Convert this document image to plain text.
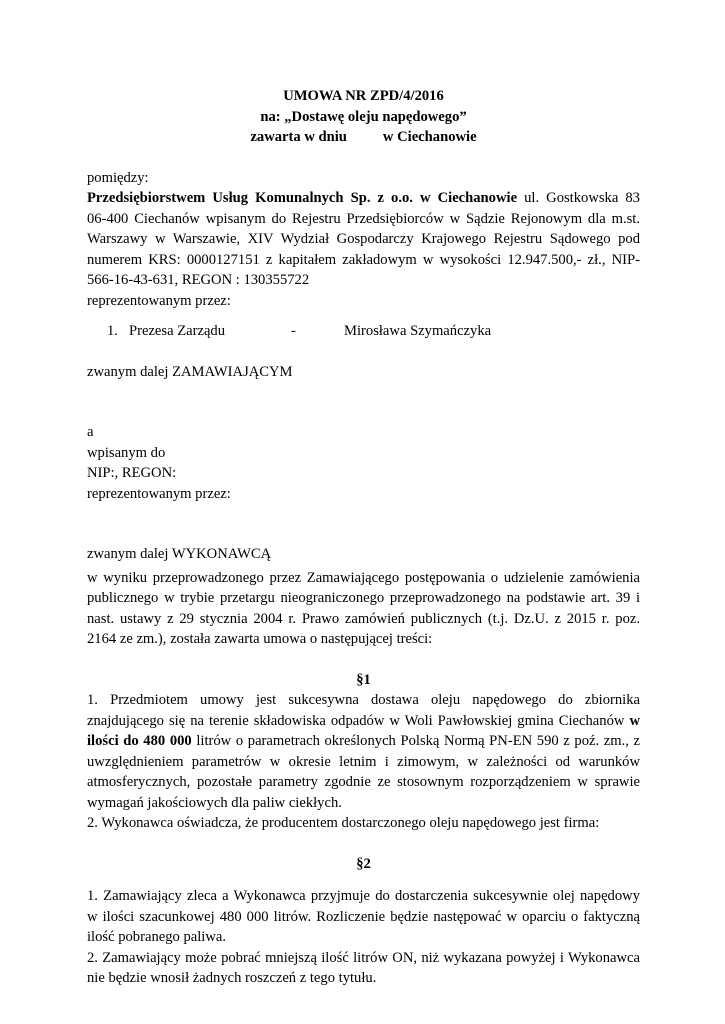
UMOWA NR ZPD/4/2016
na: „Dostawę oleju napędowego”
zawarta w dniu w Ciechanowie

pomiędzy:

Przedsiębiorstwem Usług Komunalnych Sp. z o.o. w Ciechanowie ul. Gostkowska 83

06-400 Ciechanów wpisanym do Rejestru Przedsiębiorców w Sądzie Rejonowym dla m.st.

Warszawy w Warszawie, XIV Wydział Gospodarczy Krajowego Rejestru Sądowego pod

numerem KRS: 0000127151 z kapitałem zakładowym w wysokości 12.947.500,- zł., NIP-

566-16-43-631, REGON : 130355722

reprezentowanym przez:

1. Prezesa Zarządu	-	Mirosława Szymańczyka

zwanym dalej ZAMAWIAJĄCYM

a

wpisanym do

NIP:, REGON:

reprezentowanym przez:

zwanym dalej WYKONAWCĄ

w wyniku przeprowadzonego przez Zamawiającego postępowania o udzielenie zamówienia

publicznego w trybie przetargu nieograniczonego przeprowadzonego na podstawie art. 39 i

nast. ustawy z 29 stycznia 2004 r. Prawo zamówień publicznych (t.j. Dz.U. z 2015 r. poz.

2164 ze zm.), została zawarta umowa o następującej treści:

§1

1. Przedmiotem umowy jest sukcesywna dostawa oleju napędowego do zbiornika

znajdującego się na terenie składowiska odpadów w Woli Pawłowskiej gmina Ciechanów w

ilości do 480 000 litrów o parametrach określonych Polską Normą PN-EN 590 z poź. zm., z

uwzględnieniem parametrów w okresie letnim i zimowym, w zależności od warunków

atmosferycznych, pozostałe parametry zgodnie ze stosownym rozporządzeniem w sprawie

wymagań jakościowych dla paliw ciekłych.

2. Wykonawca oświadcza, że producentem dostarczonego oleju napędowego jest firma:

§2

1. Zamawiający zleca a Wykonawca przyjmuje do dostarczenia sukcesywnie olej napędowy

w ilości szacunkowej 480 000 litrów. Rozliczenie będzie następować w oparciu o faktyczną

ilość pobranego paliwa.

2. Zamawiający może pobrać mniejszą ilość litrów ON, niż wykazana powyżej i Wykonawca

nie będzie wnosił żadnych roszczeń z tego tytułu.
